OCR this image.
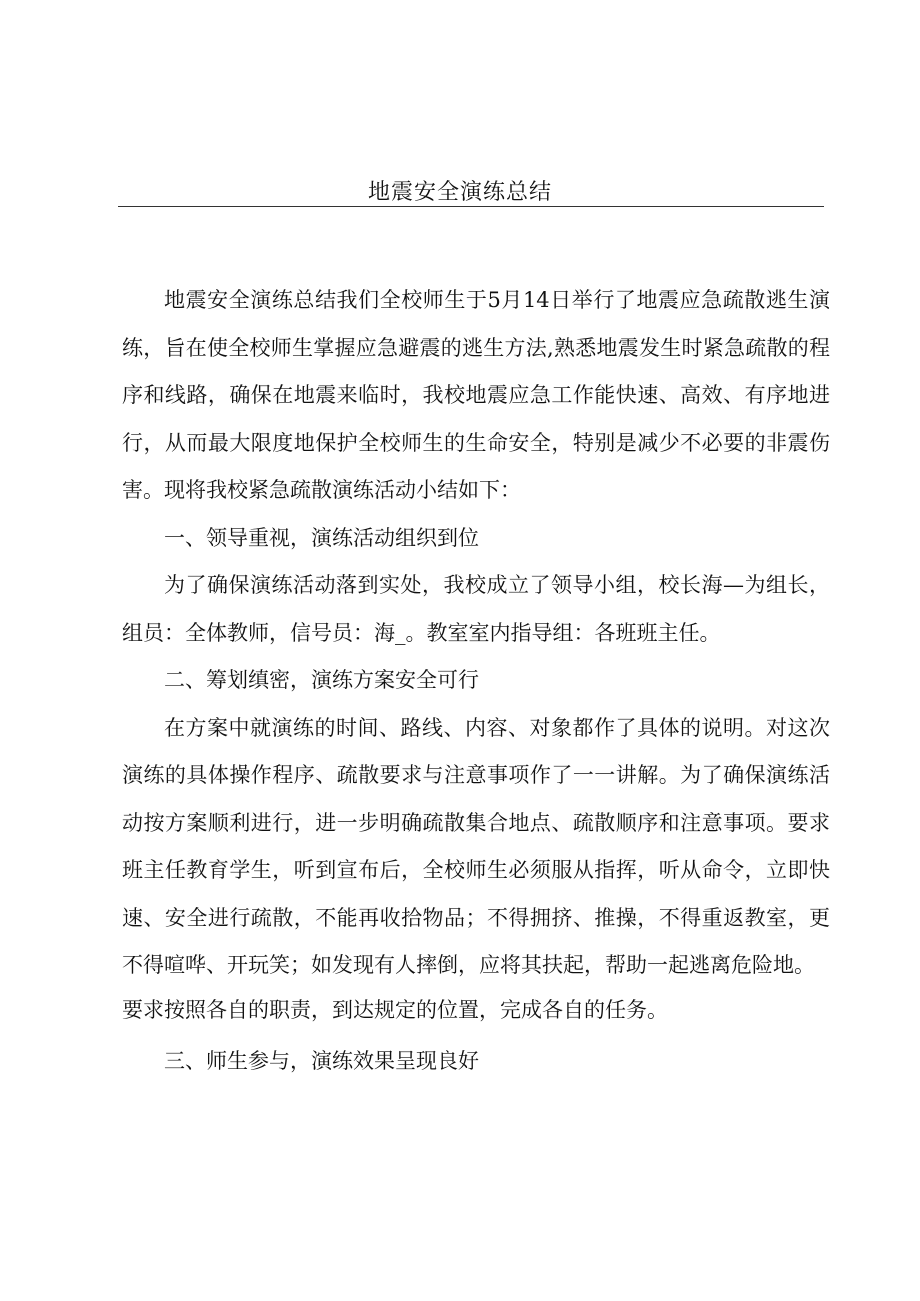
地震安全演练总结

地震安全演练总结我们全校师生于5月14日举行了地震应急疏散逃生演练，旨在使全校师生掌握应急避震的逃生方法,熟悉地震发生时紧急疏散的程序和线路，确保在地震来临时，我校地震应急工作能快速、高效、有序地进行，从而最大限度地保护全校师生的生命安全，特别是减少不必要的非震伤害。现将我校紧急疏散演练活动小结如下：

一、领导重视，演练活动组织到位

为了确保演练活动落到实处，我校成立了领导小组，校长海—为组长，组员：全体教师，信号员：海_。教室室内指导组：各班班主任。

二、筹划缜密，演练方案安全可行

在方案中就演练的时间、路线、内容、对象都作了具体的说明。对这次演练的具体操作程序、疏散要求与注意事项作了一一讲解。为了确保演练活动按方案顺利进行，进一步明确疏散集合地点、疏散顺序和注意事项。要求班主任教育学生，听到宣布后，全校师生必须服从指挥，听从命令，立即快速、安全进行疏散，不能再收拾物品；不得拥挤、推操，不得重返教室，更不得喧哗、开玩笑；如发现有人摔倒，应将其扶起，帮助一起逃离危险地。

要求按照各自的职责，到达规定的位置，完成各自的任务。

三、师生参与，演练效果呈现良好
